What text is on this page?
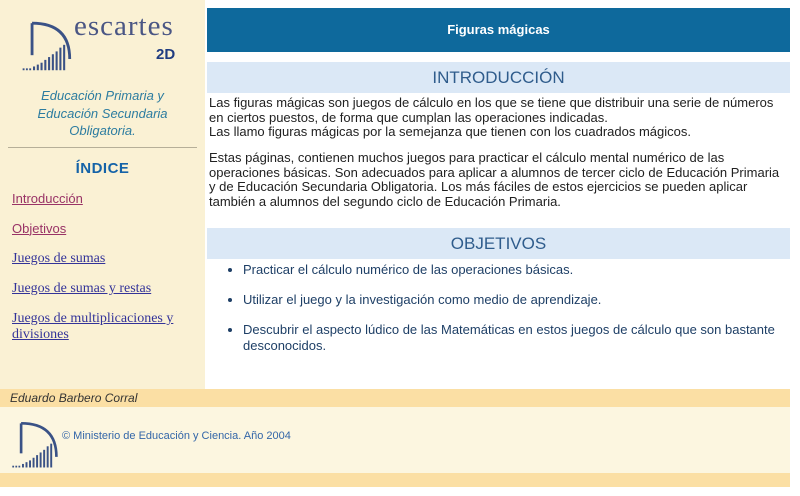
escartes
2D
Educación Primaria y Educación Secundaria Obligatoria.
ÍNDICE
Introducción
Objetivos
Juegos de sumas
Juegos de sumas y restas
Juegos de multiplicaciones y divisiones
Figuras mágicas
INTRODUCCIÓN
Las figuras mágicas son juegos de cálculo en los que se tiene que distribuir una serie de números en ciertos puestos, de forma que cumplan las operaciones indicadas.
Las llamo figuras mágicas por la semejanza que tienen con los cuadrados mágicos.
Estas páginas, contienen muchos juegos para practicar el cálculo mental numérico de las operaciones básicas. Son adecuados para aplicar a alumnos de tercer ciclo de Educación Primaria y de Educación Secundaria Obligatoria. Los más fáciles de estos ejercicios se pueden aplicar también a alumnos del segundo ciclo de Educación Primaria.
OBJETIVOS
• Practicar el cálculo numérico de las operaciones básicas.
• Utilizar el juego y la investigación como medio de aprendizaje.
• Descubrir el aspecto lúdico de las Matemáticas en estos juegos de cálculo que son bastante desconocidos.
Eduardo Barbero Corral
© Ministerio de Educación y Ciencia. Año 2004
